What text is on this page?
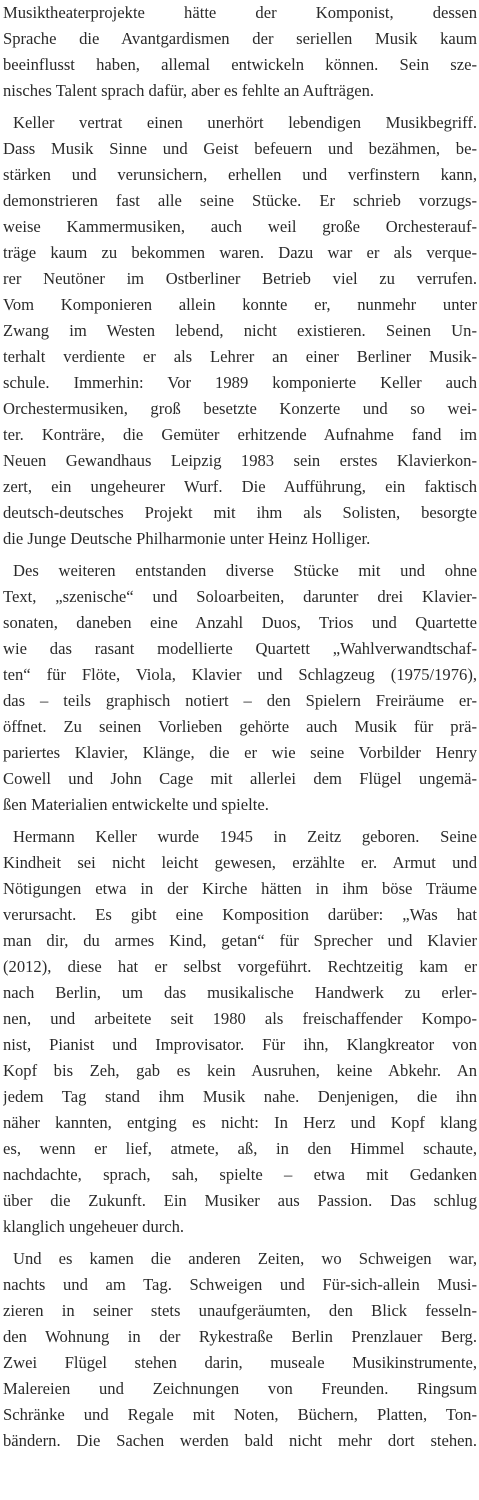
Musiktheaterprojekte hätte der Komponist, dessen
Sprache die Avantgardismen der seriellen Musik kaum
beeinflusst haben, allemal entwickeln können. Sein sze-
nisches Talent sprach dafür, aber es fehlte an Aufträgen.
Keller vertrat einen unerhört lebendigen Musikbegriff.
Dass Musik Sinne und Geist befeuern und bezähmen, be-
stärken und verunsichern, erhellen und verfinstern kann,
demonstrieren fast alle seine Stücke. Er schrieb vorzugs-
weise Kammermusiken, auch weil große Orchesterauf-
träge kaum zu bekommen waren. Dazu war er als verque-
rer Neutöner im Ostberliner Betrieb viel zu verrufen.
Vom Komponieren allein konnte er, nunmehr unter
Zwang im Westen lebend, nicht existieren. Seinen Un-
terhalt verdiente er als Lehrer an einer Berliner Musik-
schule. Immerhin: Vor 1989 komponierte Keller auch
Orchestermusiken, groß besetzte Konzerte und so wei-
ter. Konträre, die Gemüter erhitzende Aufnahme fand im
Neuen Gewandhaus Leipzig 1983 sein erstes Klavierkon-
zert, ein ungeheurer Wurf. Die Aufführung, ein faktisch
deutsch-deutsches Projekt mit ihm als Solisten, besorgte
die Junge Deutsche Philharmonie unter Heinz Holliger.
Des weiteren entstanden diverse Stücke mit und ohne
Text, „szenische“ und Soloarbeiten, darunter drei Klavier-
sonaten, daneben eine Anzahl Duos, Trios und Quartette
wie das rasant modellierte Quartett „Wahlverwandtschaf-
ten“ für Flöte, Viola, Klavier und Schlagzeug (1975/1976),
das – teils graphisch notiert – den Spielern Freiräume er-
öffnet. Zu seinen Vorlieben gehörte auch Musik für prä-
pariertes Klavier, Klänge, die er wie seine Vorbilder Henry
Cowell und John Cage mit allerlei dem Flügel ungemä-
ßen Materialien entwickelte und spielte.
Hermann Keller wurde 1945 in Zeitz geboren. Seine
Kindheit sei nicht leicht gewesen, erzählte er. Armut und
Nötigungen etwa in der Kirche hätten in ihm böse Träume
verursacht. Es gibt eine Komposition darüber: „Was hat
man dir, du armes Kind, getan“ für Sprecher und Klavier
(2012), diese hat er selbst vorgeführt. Rechtzeitig kam er
nach Berlin, um das musikalische Handwerk zu erler-
nen, und arbeitete seit 1980 als freischaffender Kompo-
nist, Pianist und Improvisator. Für ihn, Klangkreator von
Kopf bis Zeh, gab es kein Ausruhen, keine Abkehr. An
jedem Tag stand ihm Musik nahe. Denjenigen, die ihn
näher kannten, entging es nicht: In Herz und Kopf klang
es, wenn er lief, atmete, aß, in den Himmel schaute,
nachdachte, sprach, sah, spielte – etwa mit Gedanken
über die Zukunft. Ein Musiker aus Passion. Das schlug
klanglich ungeheuer durch.
Und es kamen die anderen Zeiten, wo Schweigen war,
nachts und am Tag. Schweigen und Für-sich-allein Musi-
zieren in seiner stets unaufgeräumten, den Blick fesseln-
den Wohnung in der Rykestraße Berlin Prenzlauer Berg.
Zwei Flügel stehen darin, museale Musikinstrumente,
Malereien und Zeichnungen von Freunden. Ringsum
Schränke und Regale mit Noten, Büchern, Platten, Ton-
bändern. Die Sachen werden bald nicht mehr dort stehen.
